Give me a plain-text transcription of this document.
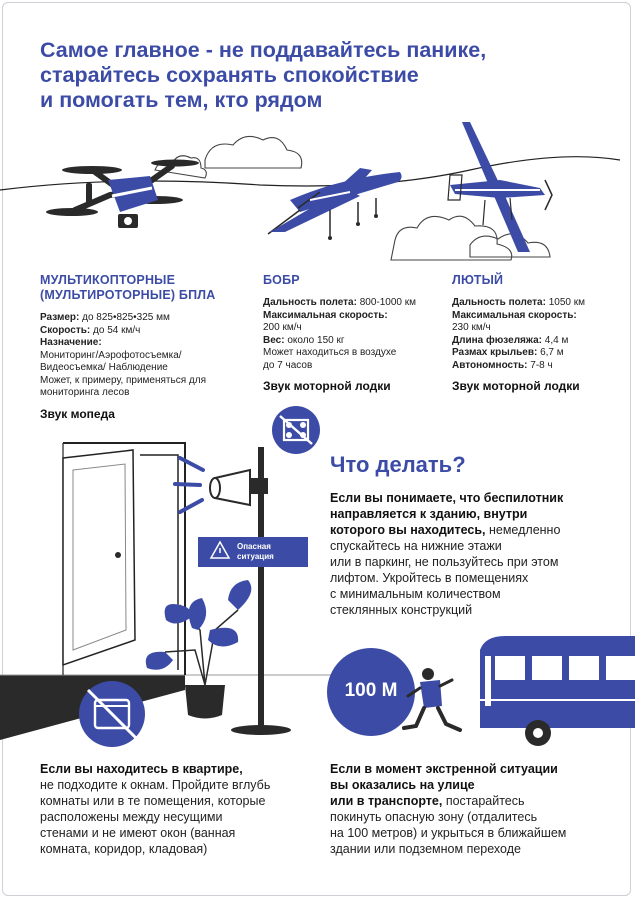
Самое главное - не поддавайтесь панике,
старайтесь сохранять спокойствие
и помогать тем, кто рядом
МУЛЬТИКОПТОРНЫЕ
(МУЛЬТИРОТОРНЫЕ) БПЛА

Размер: до 825•825•325 мм

Скорость: до 54 км/ч

Назначение:

Мониторинг/Аэрофотосъемка/

Видеосъемка/ Наблюдение

Может, к примеру, применяться для

мониторинга лесов

Звук мопеда

БОБР

Дальность полета: 800-1000 км

Максимальная скорость:

200 км/ч

Вес: около 150 кг

Может находиться в воздухе

до 7 часов

Звук моторной лодки

ЛЮТЫЙ

Дальность полета: 1050 км

Максимальная скорость:

230 км/ч

Длина фюзеляжа: 4,4 м

Размах крыльев: 6,7 м

Автономность: 7-8 ч

Звук моторной лодки

Опасная
ситуация
Что делать?
Если вы понимаете, что беспилотник
направляется к зданию, внутри
которого вы находитесь, немедленно
спускайтесь на нижние этажи
или в паркинг, не пользуйтесь при этом
лифтом. Укройтесь в помещениях
с минимальным количеством
стеклянных конструкций
100 М
Если вы находитесь в квартире,
не подходите к окнам. Пройдите вглубь
комнаты или в те помещения, которые
расположены между несущими
стенами и не имеют окон (ванная
комната, коридор, кладовая)
Если в момент экстренной ситуации
вы оказались на улице
или в транспорте, постарайтесь
покинуть опасную зону (отдалитесь
на 100 метров) и укрыться в ближайшем
здании или подземном переходе
